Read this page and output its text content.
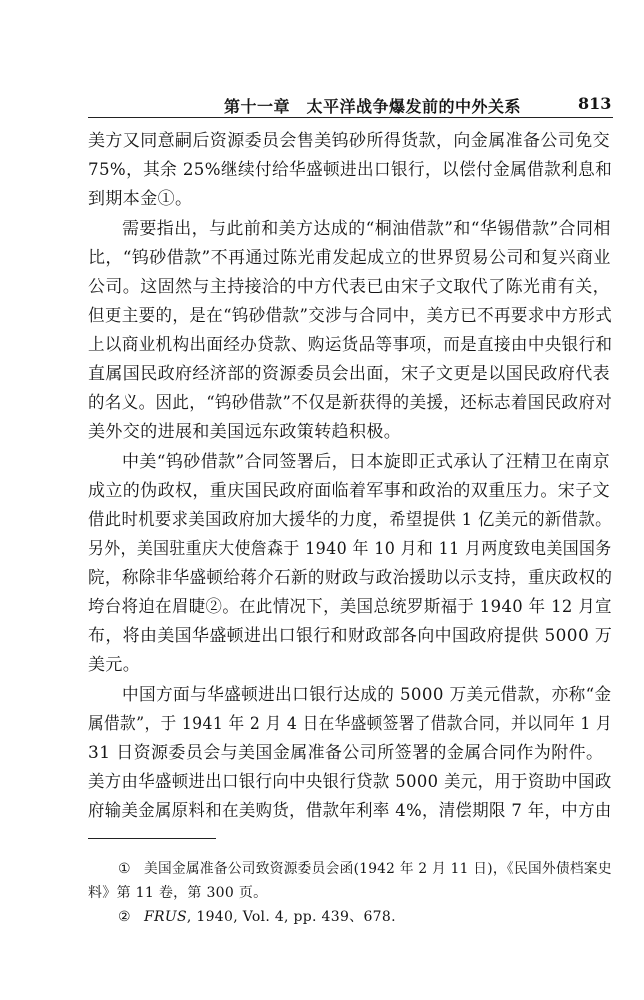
第十一章　太平洋战争爆发前的中外关系	813
美方又同意嗣后资源委员会售美钨砂所得货款，向金属准备公司免交
75%，其余 25%继续付给华盛顿进出口银行，以偿付金属借款利息和
到期本金①。
需要指出，与此前和美方达成的“桐油借款”和“华锡借款”合同相
比，“钨砂借款”不再通过陈光甫发起成立的世界贸易公司和复兴商业
公司。这固然与主持接洽的中方代表已由宋子文取代了陈光甫有关，
但更主要的，是在“钨砂借款”交涉与合同中，美方已不再要求中方形式
上以商业机构出面经办贷款、购运货品等事项，而是直接由中央银行和
直属国民政府经济部的资源委员会出面，宋子文更是以国民政府代表
的名义。因此，“钨砂借款”不仅是新获得的美援，还标志着国民政府对
美外交的进展和美国远东政策转趋积极。
中美“钨砂借款”合同签署后，日本旋即正式承认了汪精卫在南京
成立的伪政权，重庆国民政府面临着军事和政治的双重压力。宋子文
借此时机要求美国政府加大援华的力度，希望提供 1 亿美元的新借款。
另外，美国驻重庆大使詹森于 1940 年 10 月和 11 月两度致电美国国务
院，称除非华盛顿给蒋介石新的财政与政治援助以示支持，重庆政权的
垮台将迫在眉睫②。在此情况下，美国总统罗斯福于 1940 年 12 月宣
布，将由美国华盛顿进出口银行和财政部各向中国政府提供 5000 万
美元。
中国方面与华盛顿进出口银行达成的 5000 万美元借款，亦称“金
属借款”，于 1941 年 2 月 4 日在华盛顿签署了借款合同，并以同年 1 月
31 日资源委员会与美国金属准备公司所签署的金属合同作为附件。
美方由华盛顿进出口银行向中央银行贷款 5000 美元，用于资助中国政
府输美金属原料和在美购货，借款年利率 4%，清偿期限 7 年，中方由
① 美国金属准备公司致资源委员会函(1942 年 2 月 11 日)，《民国外债档案史
料》第 11 卷，第 300 页。
② FRUS, 1940, Vol. 4, pp. 439、678.
